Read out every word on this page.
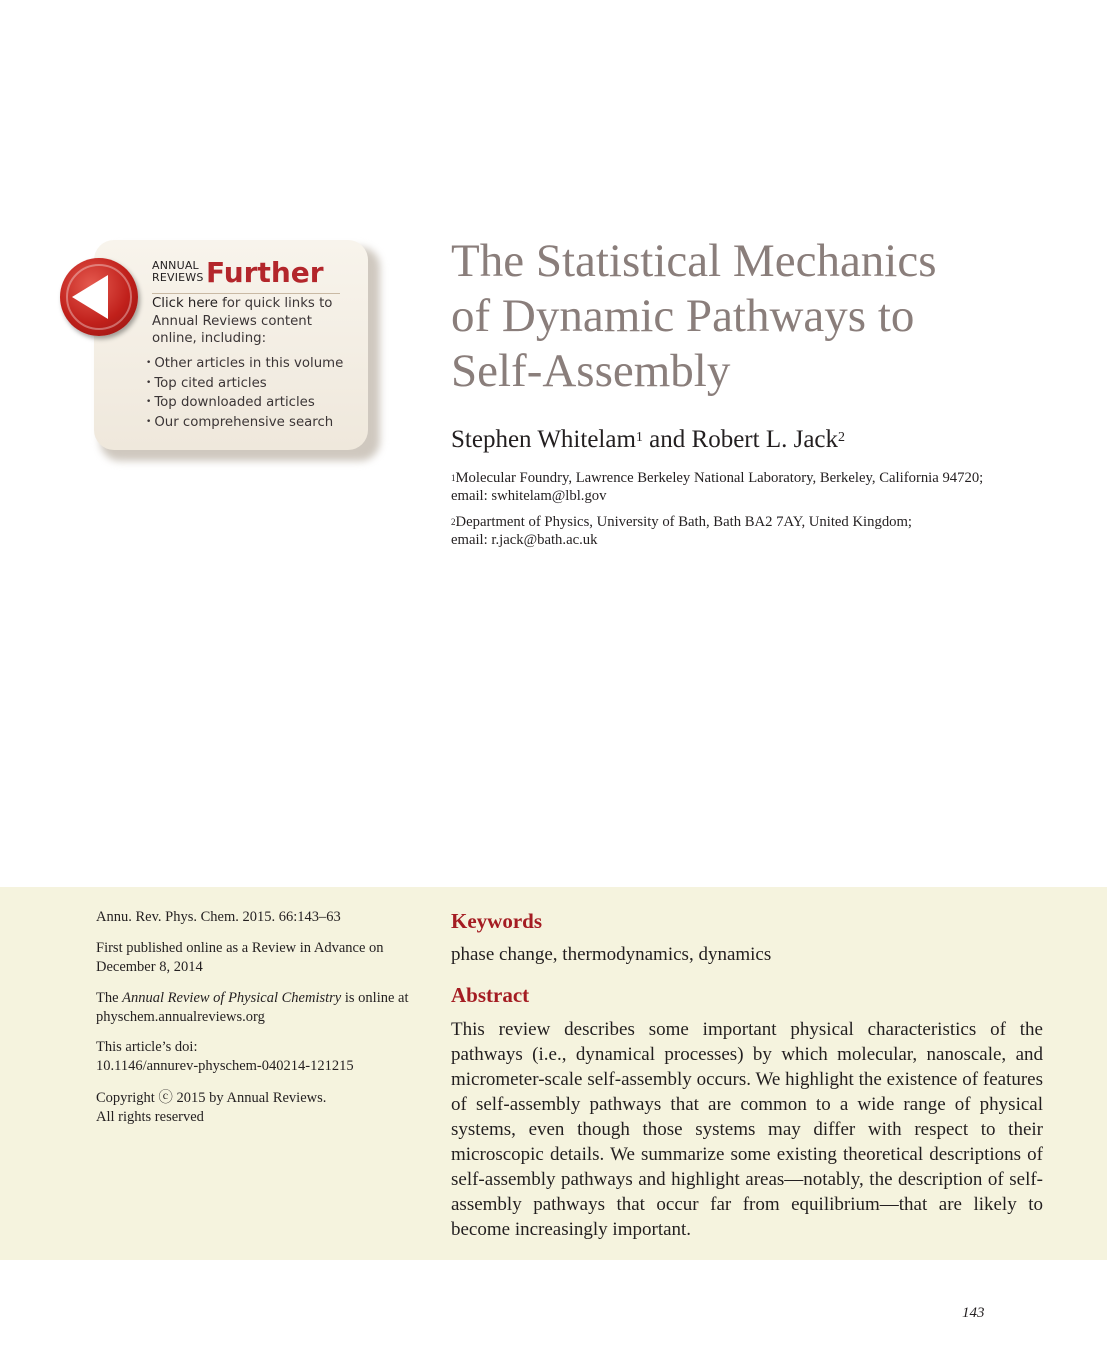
ANNUAL
REVIEWS Further
Click here for quick links to Annual Reviews content online, including:
• Other articles in this volume
• Top cited articles
• Top downloaded articles
• Our comprehensive search
The Statistical Mechanics
of Dynamic Pathways to
Self-Assembly
Stephen Whitelam$^1$ and Robert L. Jack$^2$
$^1$Molecular Foundry, Lawrence Berkeley National Laboratory, Berkeley, California 94720;
email: swhitelam@lbl.gov
$^2$Department of Physics, University of Bath, Bath BA2 7AY, United Kingdom;
email: r.jack@bath.ac.uk
Annu. Rev. Phys. Chem. 2015. 66:143–63
First published online as a Review in Advance on
December 8, 2014
The Annual Review of Physical Chemistry is online at
physchem.annualreviews.org
This article’s doi:
10.1146/annurev-physchem-040214-121215
Copyright ⓒ 2015 by Annual Reviews.
All rights reserved
Keywords
phase change, thermodynamics, dynamics
Abstract
This review describes some important physical characteristics of the pathways (i.e., dynamical processes) by which molecular, nanoscale, and micrometer-scale self-assembly occurs. We highlight the existence of features of self-assembly pathways that are common to a wide range of physical systems, even though those systems may differ with respect to their microscopic details. We summarize some existing theoretical descriptions of self-assembly pathways and highlight areas—notably, the description of self-assembly pathways that occur far from equilibrium—that are likely to become increasingly important.
143
